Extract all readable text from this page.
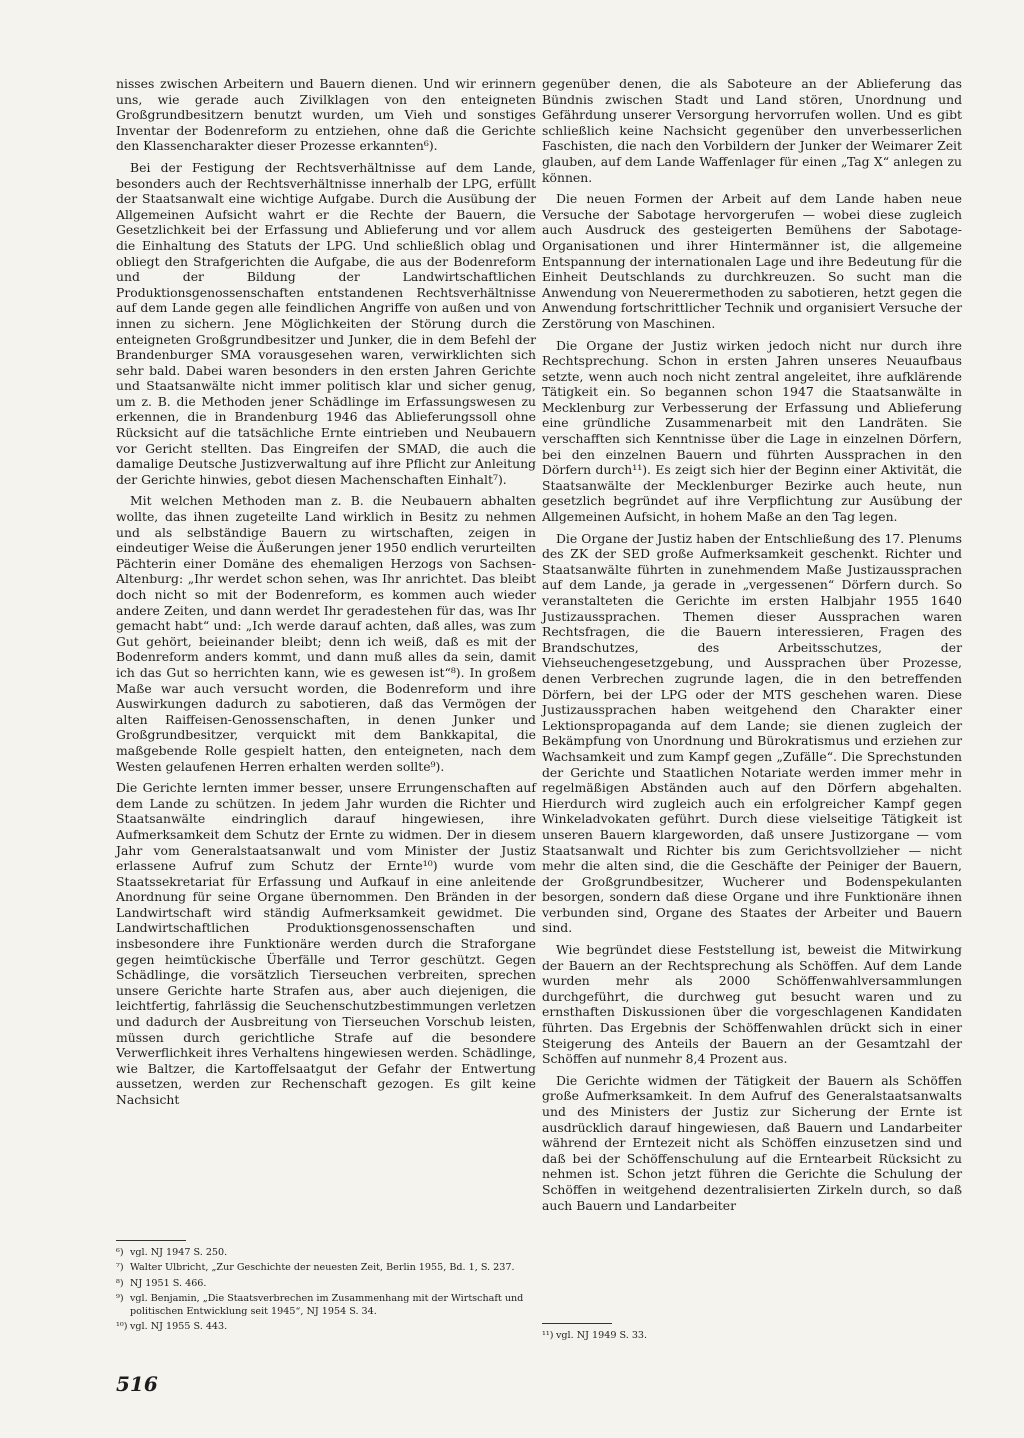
nisses zwischen Arbeitern und Bauern dienen. Und wir erinnern uns, wie gerade auch Zivilklagen von den enteigneten Großgrundbesitzern benutzt wurden, um Vieh und sonstiges Inventar der Bodenreform zu entziehen, ohne daß die Gerichte den Klassencharakter dieser Prozesse erkannten⁶).

Bei der Festigung der Rechtsverhältnisse auf dem Lande, besonders auch der Rechtsverhältnisse innerhalb der LPG, erfüllt der Staatsanwalt eine wichtige Aufgabe. Durch die Ausübung der Allgemeinen Aufsicht wahrt er die Rechte der Bauern, die Gesetzlichkeit bei der Erfassung und Ablieferung und vor allem die Einhaltung des Statuts der LPG. Und schließlich oblag und obliegt den Strafgerichten die Aufgabe, die aus der Bodenreform und der Bildung der Landwirtschaftlichen Produktionsgenossenschaften entstandenen Rechtsverhältnisse auf dem Lande gegen alle feindlichen Angriffe von außen und von innen zu sichern. Jene Möglichkeiten der Störung durch die enteigneten Großgrundbesitzer und Junker, die in dem Befehl der Brandenburger SMA vorausgesehen waren, verwirklichten sich sehr bald. Dabei waren besonders in den ersten Jahren Gerichte und Staatsanwälte nicht immer politisch klar und sicher genug, um z. B. die Methoden jener Schädlinge im Erfassungswesen zu erkennen, die in Brandenburg 1946 das Ablieferungssoll ohne Rücksicht auf die tatsächliche Ernte eintrieben und Neubauern vor Gericht stellten. Das Eingreifen der SMAD, die auch die damalige Deutsche Justizverwaltung auf ihre Pflicht zur Anleitung der Gerichte hinwies, gebot diesen Machenschaften Einhalt⁷).

Mit welchen Methoden man z. B. die Neubauern abhalten wollte, das ihnen zugeteilte Land wirklich in Besitz zu nehmen und als selbständige Bauern zu wirtschaften, zeigen in eindeutiger Weise die Äußerungen jener 1950 endlich verurteilten Pächterin einer Domäne des ehemaligen Herzogs von Sachsen-Altenburg: „Ihr werdet schon sehen, was Ihr anrichtet. Das bleibt doch nicht so mit der Bodenreform, es kommen auch wieder andere Zeiten, und dann werdet Ihr geradestehen für das, was Ihr gemacht habt“ und: „Ich werde darauf achten, daß alles, was zum Gut gehört, beieinander bleibt; denn ich weiß, daß es mit der Bodenreform anders kommt, und dann muß alles da sein, damit ich das Gut so herrichten kann, wie es gewesen ist“⁸). In großem Maße war auch versucht worden, die Bodenreform und ihre Auswirkungen dadurch zu sabotieren, daß das Vermögen der alten Raiffeisen-Genossenschaften, in denen Junker und Großgrundbesitzer, verquickt mit dem Bankkapital, die maßgebende Rolle gespielt hatten, den enteigneten, nach dem Westen gelaufenen Herren erhalten werden sollte⁹).

Die Gerichte lernten immer besser, unsere Errungenschaften auf dem Lande zu schützen. In jedem Jahr wurden die Richter und Staatsanwälte eindringlich darauf hingewiesen, ihre Aufmerksamkeit dem Schutz der Ernte zu widmen. Der in diesem Jahr vom Generalstaatsanwalt und vom Minister der Justiz erlassene Aufruf zum Schutz der Ernte¹⁰) wurde vom Staatssekretariat für Erfassung und Aufkauf in eine anleitende Anordnung für seine Organe übernommen. Den Bränden in der Landwirtschaft wird ständig Aufmerksamkeit gewidmet. Die Landwirtschaftlichen Produktionsgenossenschaften und insbesondere ihre Funktionäre werden durch die Straforgane gegen heimtückische Überfälle und Terror geschützt. Gegen Schädlinge, die vorsätzlich Tierseuchen verbreiten, sprechen unsere Gerichte harte Strafen aus, aber auch diejenigen, die leichtfertig, fahrlässig die Seuchenschutzbestimmungen verletzen und dadurch der Ausbreitung von Tierseuchen Vorschub leisten, müssen durch gerichtliche Strafe auf die besondere Verwerflichkeit ihres Verhaltens hingewiesen werden. Schädlinge, wie Baltzer, die Kartoffelsaatgut der Gefahr der Entwertung aussetzen, werden zur Rechenschaft gezogen. Es gilt keine Nachsicht

gegenüber denen, die als Saboteure an der Ablieferung das Bündnis zwischen Stadt und Land stören, Unordnung und Gefährdung unserer Versorgung hervorrufen wollen. Und es gibt schließlich keine Nachsicht gegenüber den unverbesserlichen Faschisten, die nach den Vorbildern der Junker der Weimarer Zeit glauben, auf dem Lande Waffenlager für einen „Tag X“ anlegen zu können.

Die neuen Formen der Arbeit auf dem Lande haben neue Versuche der Sabotage hervorgerufen — wobei diese zugleich auch Ausdruck des gesteigerten Bemühens der Sabotage-Organisationen und ihrer Hintermänner ist, die allgemeine Entspannung der internationalen Lage und ihre Bedeutung für die Einheit Deutschlands zu durchkreuzen. So sucht man die Anwendung von Neuerermethoden zu sabotieren, hetzt gegen die Anwendung fortschrittlicher Technik und organisiert Versuche der Zerstörung von Maschinen.

Die Organe der Justiz wirken jedoch nicht nur durch ihre Rechtsprechung. Schon in ersten Jahren unseres Neuaufbaus setzte, wenn auch noch nicht zentral angeleitet, ihre aufklärende Tätigkeit ein. So begannen schon 1947 die Staatsanwälte in Mecklenburg zur Verbesserung der Erfassung und Ablieferung eine gründliche Zusammenarbeit mit den Landräten. Sie verschafften sich Kenntnisse über die Lage in einzelnen Dörfern, bei den einzelnen Bauern und führten Aussprachen in den Dörfern durch¹¹). Es zeigt sich hier der Beginn einer Aktivität, die Staatsanwälte der Mecklenburger Bezirke auch heute, nun gesetzlich begründet auf ihre Verpflichtung zur Ausübung der Allgemeinen Aufsicht, in hohem Maße an den Tag legen.

Die Organe der Justiz haben der Entschließung des 17. Plenums des ZK der SED große Aufmerksamkeit geschenkt. Richter und Staatsanwälte führten in zunehmendem Maße Justizaussprachen auf dem Lande, ja gerade in „vergessenen“ Dörfern durch. So veranstalteten die Gerichte im ersten Halbjahr 1955 1640 Justizaussprachen. Themen dieser Aussprachen waren Rechtsfragen, die die Bauern interessieren, Fragen des Brandschutzes, des Arbeitsschutzes, der Viehseuchengesetzgebung, und Aussprachen über Prozesse, denen Verbrechen zugrunde lagen, die in den betreffenden Dörfern, bei der LPG oder der MTS geschehen waren. Diese Justizaussprachen haben weitgehend den Charakter einer Lektionspropaganda auf dem Lande; sie dienen zugleich der Bekämpfung von Unordnung und Bürokratismus und erziehen zur Wachsamkeit und zum Kampf gegen „Zufälle“. Die Sprechstunden der Gerichte und Staatlichen Notariate werden immer mehr in regelmäßigen Abständen auch auf den Dörfern abgehalten. Hierdurch wird zugleich auch ein erfolgreicher Kampf gegen Winkeladvokaten geführt. Durch diese vielseitige Tätigkeit ist unseren Bauern klargeworden, daß unsere Justizorgane — vom Staatsanwalt und Richter bis zum Gerichtsvollzieher — nicht mehr die alten sind, die die Geschäfte der Peiniger der Bauern, der Großgrundbesitzer, Wucherer und Bodenspekulanten besorgen, sondern daß diese Organe und ihre Funktionäre ihnen verbunden sind, Organe des Staates der Arbeiter und Bauern sind.

Wie begründet diese Feststellung ist, beweist die Mitwirkung der Bauern an der Rechtsprechung als Schöffen. Auf dem Lande wurden mehr als 2000 Schöffenwahlversammlungen durchgeführt, die durchweg gut besucht waren und zu ernsthaften Diskussionen über die vorgeschlagenen Kandidaten führten. Das Ergebnis der Schöffenwahlen drückt sich in einer Steigerung des Anteils der Bauern an der Gesamtzahl der Schöffen auf nunmehr 8,4 Prozent aus.

Die Gerichte widmen der Tätigkeit der Bauern als Schöffen große Aufmerksamkeit. In dem Aufruf des Generalstaatsanwalts und des Ministers der Justiz zur Sicherung der Ernte ist ausdrücklich darauf hingewiesen, daß Bauern und Landarbeiter während der Erntezeit nicht als Schöffen einzusetzen sind und daß bei der Schöffenschulung auf die Erntearbeit Rücksicht zu nehmen ist. Schon jetzt führen die Gerichte die Schulung der Schöffen in weitgehend dezentralisierten Zirkeln durch, so daß auch Bauern und Landarbeiter

⁶) vgl. NJ 1947 S. 250.
⁷) Walter Ulbricht, „Zur Geschichte der neuesten Zeit, Berlin 1955, Bd. 1, S. 237.
⁸) NJ 1951 S. 466.
⁹) vgl. Benjamin, „Die Staatsverbrechen im Zusammenhang mit der Wirtschaft und politischen Entwicklung seit 1945“, NJ 1954 S. 34.
¹⁰) vgl. NJ 1955 S. 443.
¹¹) vgl. NJ 1949 S. 33.
516
